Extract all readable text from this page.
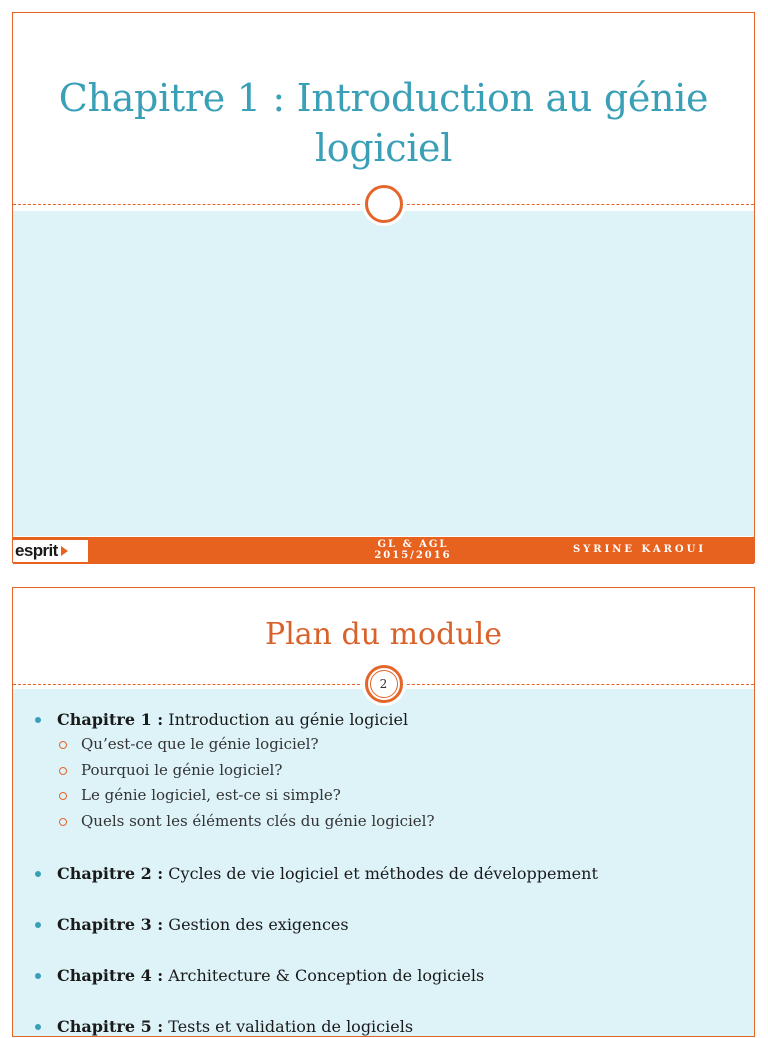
Chapitre 1 : Introduction au génie logiciel
esprit	GL & AGL
2015/2016
SYRINE KAROUI
Plan du module
Chapitre 1 : Introduction au génie logiciel
Qu’est-ce que le génie logiciel?
Pourquoi le génie logiciel?
Le génie logiciel, est-ce si simple?
Quels sont les éléments clés du génie logiciel?
Chapitre 2 : Cycles de vie logiciel et méthodes de développement
Chapitre 3 : Gestion des exigences
Chapitre 4 : Architecture & Conception de logiciels
Chapitre 5 : Tests et validation de logiciels
2
